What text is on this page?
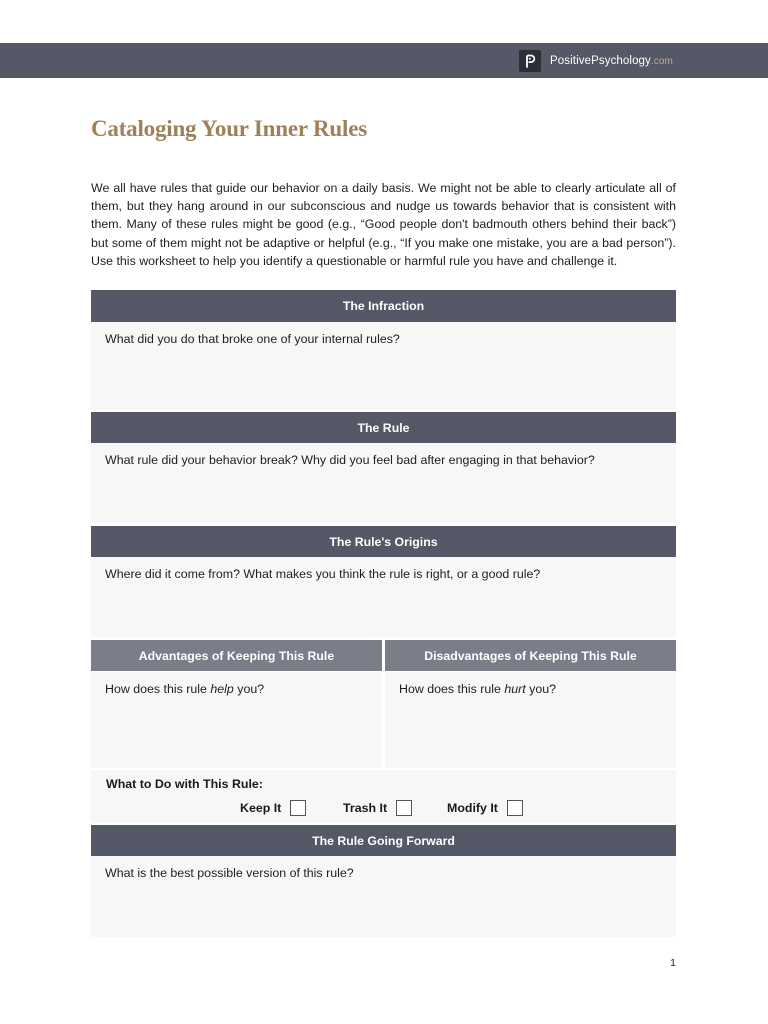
PositivePsychology.com
Cataloging Your Inner Rules

We all have rules that guide our behavior on a daily basis. We might not be able to clearly articulate all of them, but they hang around in our subconscious and nudge us towards behavior that is consistent with them. Many of these rules might be good (e.g., “Good people don't badmouth others behind their back”) but some of them might not be adaptive or helpful (e.g., “If you make one mistake, you are a bad person”). Use this worksheet to help you identify a questionable or harmful rule you have and challenge it.

The Infraction
What did you do that broke one of your internal rules?
The Rule
What rule did your behavior break? Why did you feel bad after engaging in that behavior?
The Rule's Origins
Where did it come from? What makes you think the rule is right, or a good rule?
Advantages of Keeping This Rule	Disadvantages of Keeping This Rule
How does this rule help you?	How does this rule hurt you?
What to Do with This Rule:
Keep It	Trash It	Modify It
The Rule Going Forward
What is the best possible version of this rule?
1
